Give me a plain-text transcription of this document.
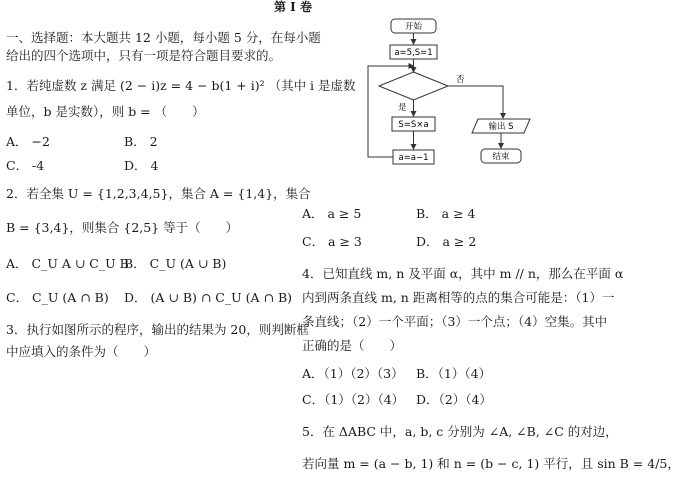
第 I 卷
一、选择题：本大题共 12 小题，每小题 5 分，在每小题
给出的四个选项中，只有一项是符合题目要求的。
1．若纯虚数 z 满足 (2 − i)z = 4 − b(1 + i)² （其中 i 是虚数
单位，b 是实数），则 b = （　　）
A． −2	B． 2
C． -4	D． 4
2．若全集 U = {1,2,3,4,5}，集合 A = {1,4}，集合
B = {3,4}，则集合 {2,5} 等于（　　）
A． C_U A ∪ C_U B
B． C_U (A ∪ B)
C． C_U (A ∩ B) D． (A ∪ B) ∩ C_U (A ∩ B)
3．执行如图所示的程序，输出的结果为 20，则判断框
中应填入的条件为（　　）
开始
a=5,S=1
否
是
S=S×a
a=a−1
输出 S
结束
A． a ≥ 5	B． a ≥ 4
C． a ≥ 3	D． a ≥ 2
4．已知直线 m, n 及平面 α，其中 m // n，那么在平面 α
内到两条直线 m, n 距离相等的点的集合可能是：（1）一
条直线；（2）一个平面；（3）一个点；（4）空集。其中
正确的是（　　）
A．（1）（2）（3） B．（1）（4）
C．（1）（2）（4） D．（2）（4）
5．在 ΔABC 中，a, b, c 分别为 ∠A, ∠B, ∠C 的对边，
若向量 m = (a − b, 1) 和 n = (b − c, 1) 平行，且 sin B = 4/5，
